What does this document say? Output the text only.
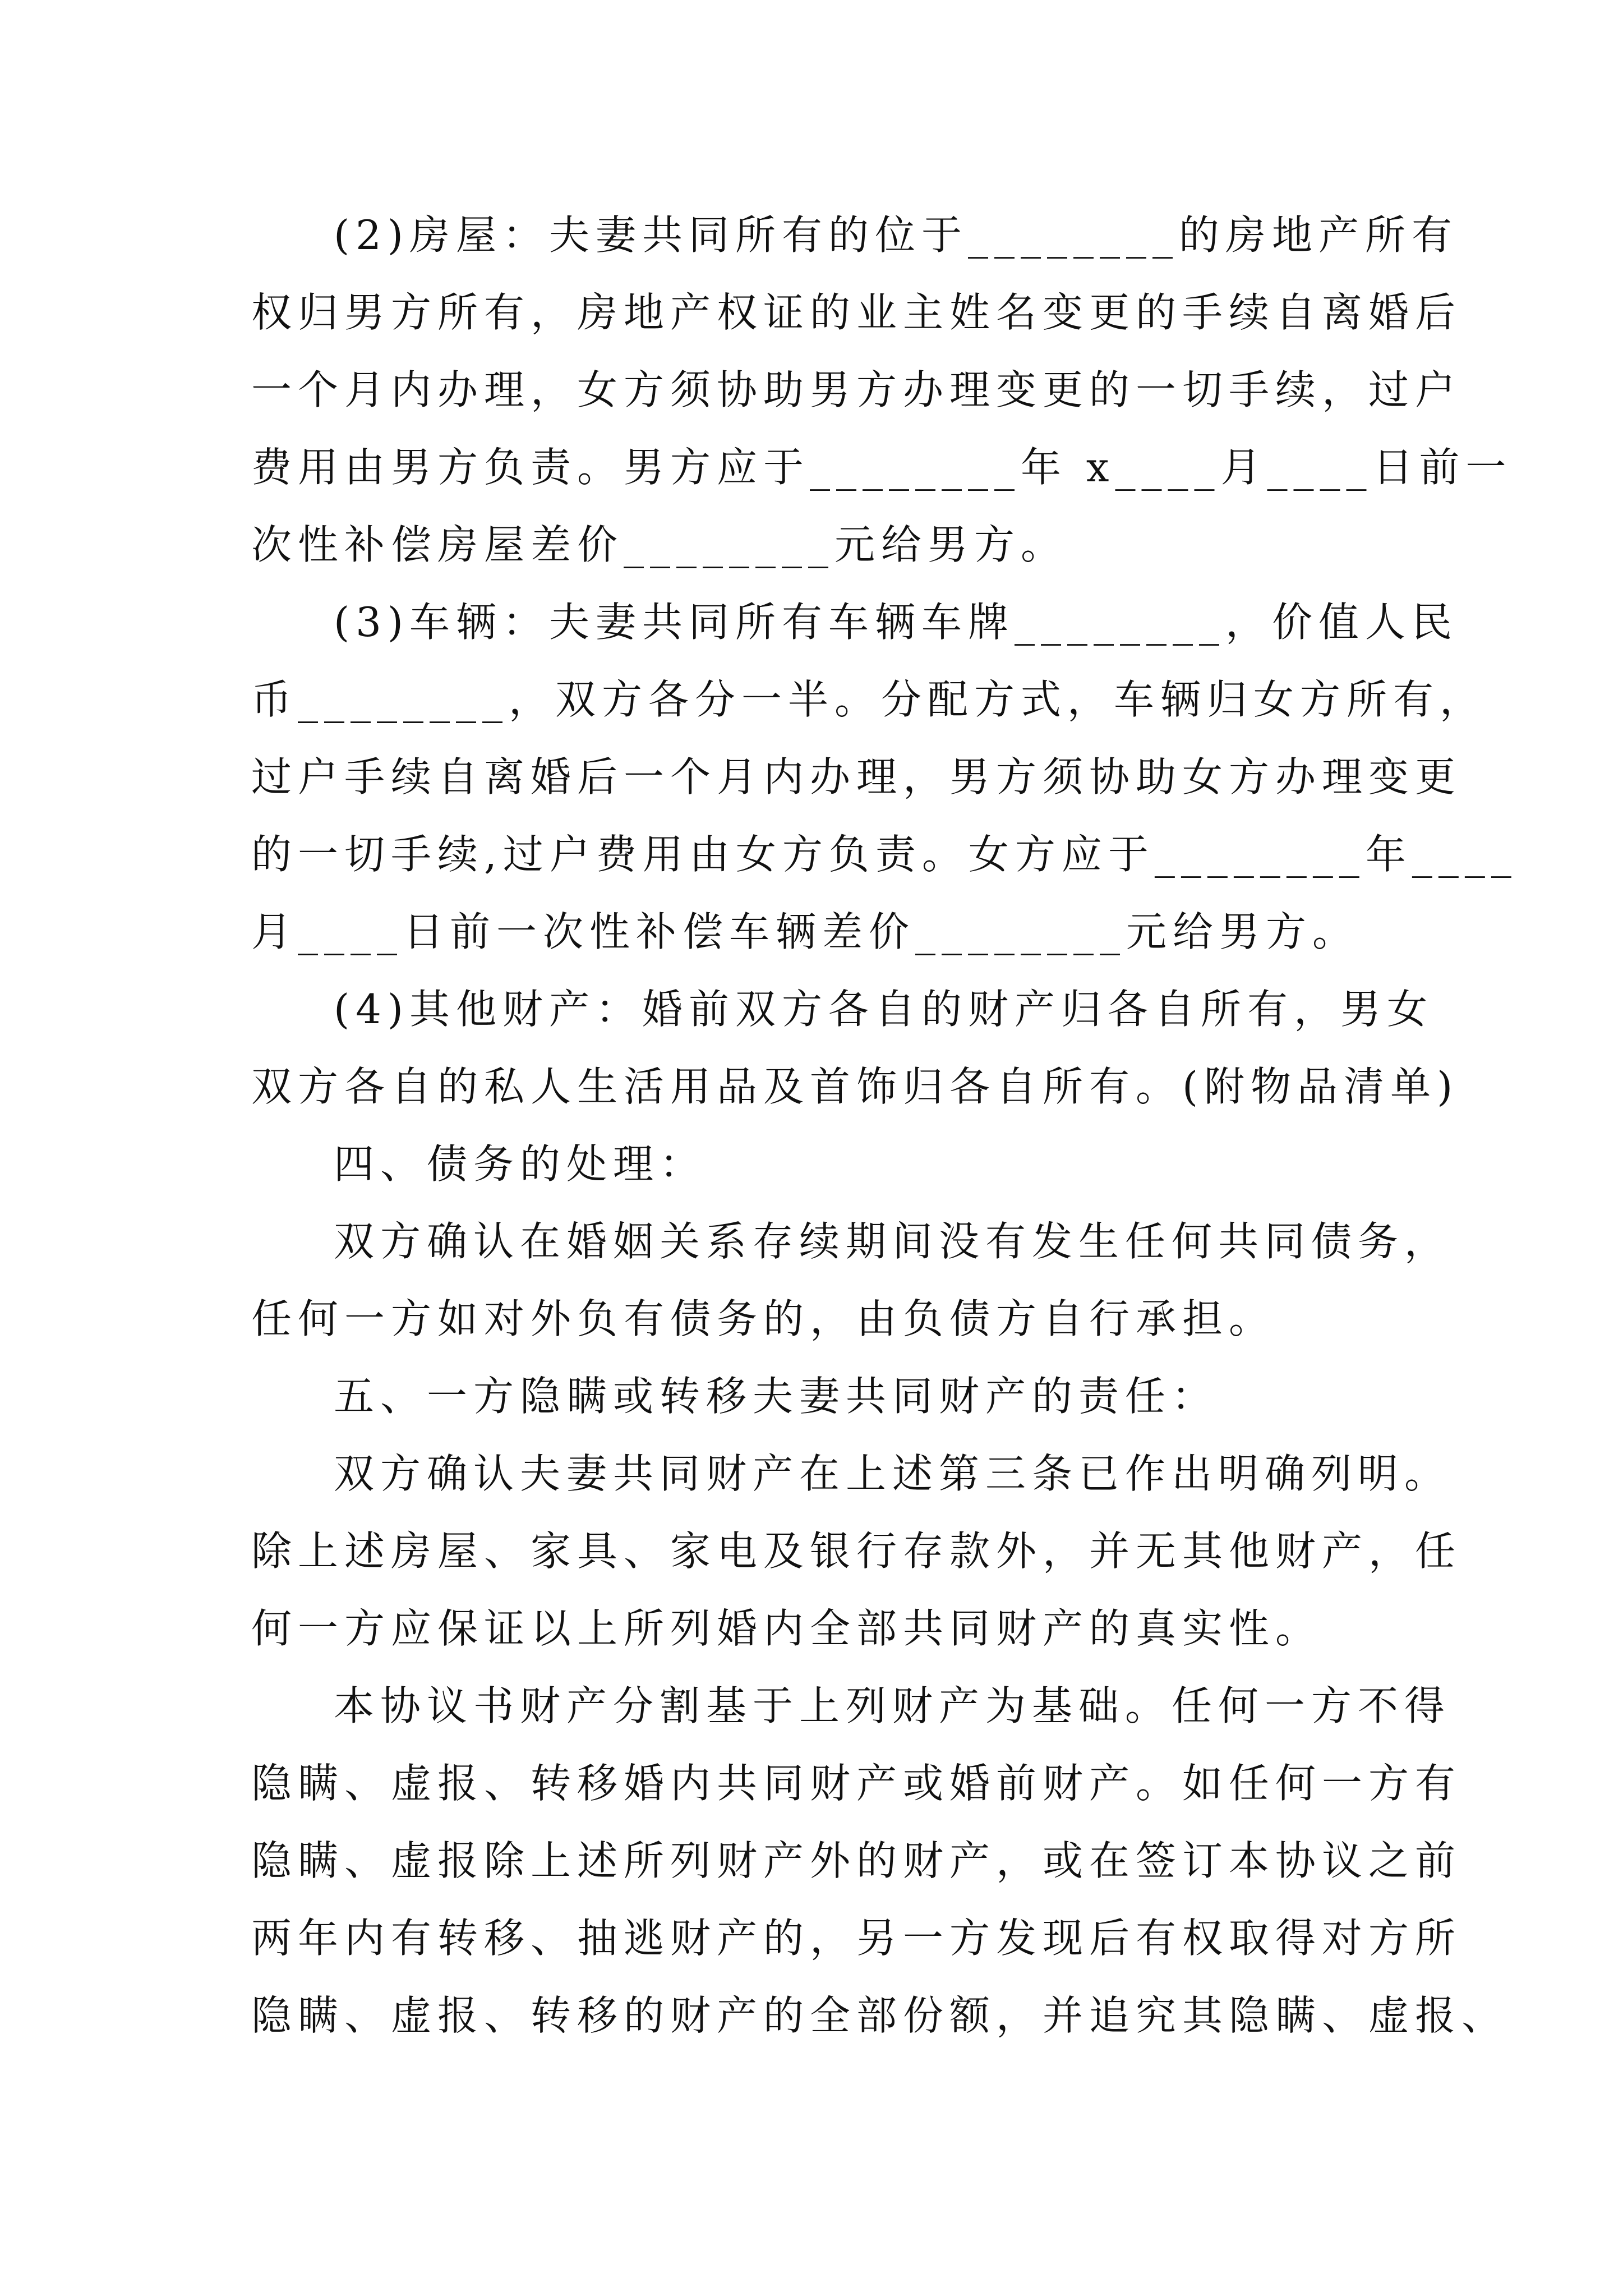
(2)房屋：夫妻共同所有的位于________的房地产所有
权归男方所有，房地产权证的业主姓名变更的手续自离婚后
一个月内办理，女方须协助男方办理变更的一切手续，过户
费用由男方负责。男方应于________年 x____月____日前一
次性补偿房屋差价________元给男方。
(3)车辆：夫妻共同所有车辆车牌________，价值人民
币________，双方各分一半。分配方式，车辆归女方所有，
过户手续自离婚后一个月内办理，男方须协助女方办理变更
的一切手续,过户费用由女方负责。女方应于________年____
月____日前一次性补偿车辆差价________元给男方。
(4)其他财产：婚前双方各自的财产归各自所有，男女
双方各自的私人生活用品及首饰归各自所有。(附物品清单)
四、债务的处理：
双方确认在婚姻关系存续期间没有发生任何共同债务，
任何一方如对外负有债务的，由负债方自行承担。
五、一方隐瞒或转移夫妻共同财产的责任：
双方确认夫妻共同财产在上述第三条已作出明确列明。
除上述房屋、家具、家电及银行存款外，并无其他财产，任
何一方应保证以上所列婚内全部共同财产的真实性。
本协议书财产分割基于上列财产为基础。任何一方不得
隐瞒、虚报、转移婚内共同财产或婚前财产。如任何一方有
隐瞒、虚报除上述所列财产外的财产，或在签订本协议之前
两年内有转移、抽逃财产的，另一方发现后有权取得对方所
隐瞒、虚报、转移的财产的全部份额，并追究其隐瞒、虚报、
